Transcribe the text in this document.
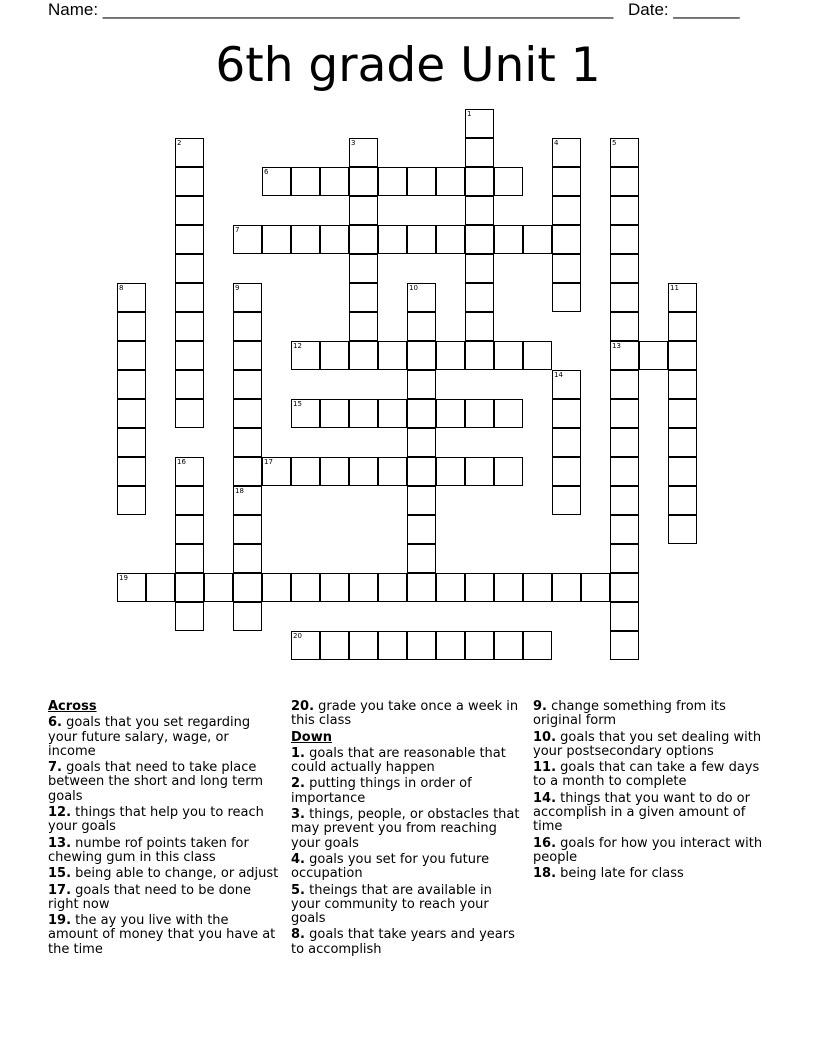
Name: ______________________________________________________ Date: _______
6th grade Unit 1
6
7
12	13
15
17
19
20
1
2	3	4	5
8	9	10	11
14
16
18

Across

6. goals that you set regarding your future salary, wage, or income

7. goals that need to take place between the short and long term goals

12. things that help you to reach your goals

13. numbe rof points taken for chewing gum in this class

15. being able to change, or adjust

17. goals that need to be done right now

19. the ay you live with the amount of money that you have at the time

20. grade you take once a week in this class

Down

1. goals that are reasonable that could actually happen

2. putting things in order of importance

3. things, people, or obstacles that may prevent you from reaching your goals

4. goals you set for you future occupation

5. theings that are available in your community to reach your goals

8. goals that take years and years to accomplish

9. change something from its original form

10. goals that you set dealing with your postsecondary options

11. goals that can take a few days to a month to complete

14. things that you want to do or accomplish in a given amount of time

16. goals for how you interact with people

18. being late for class
